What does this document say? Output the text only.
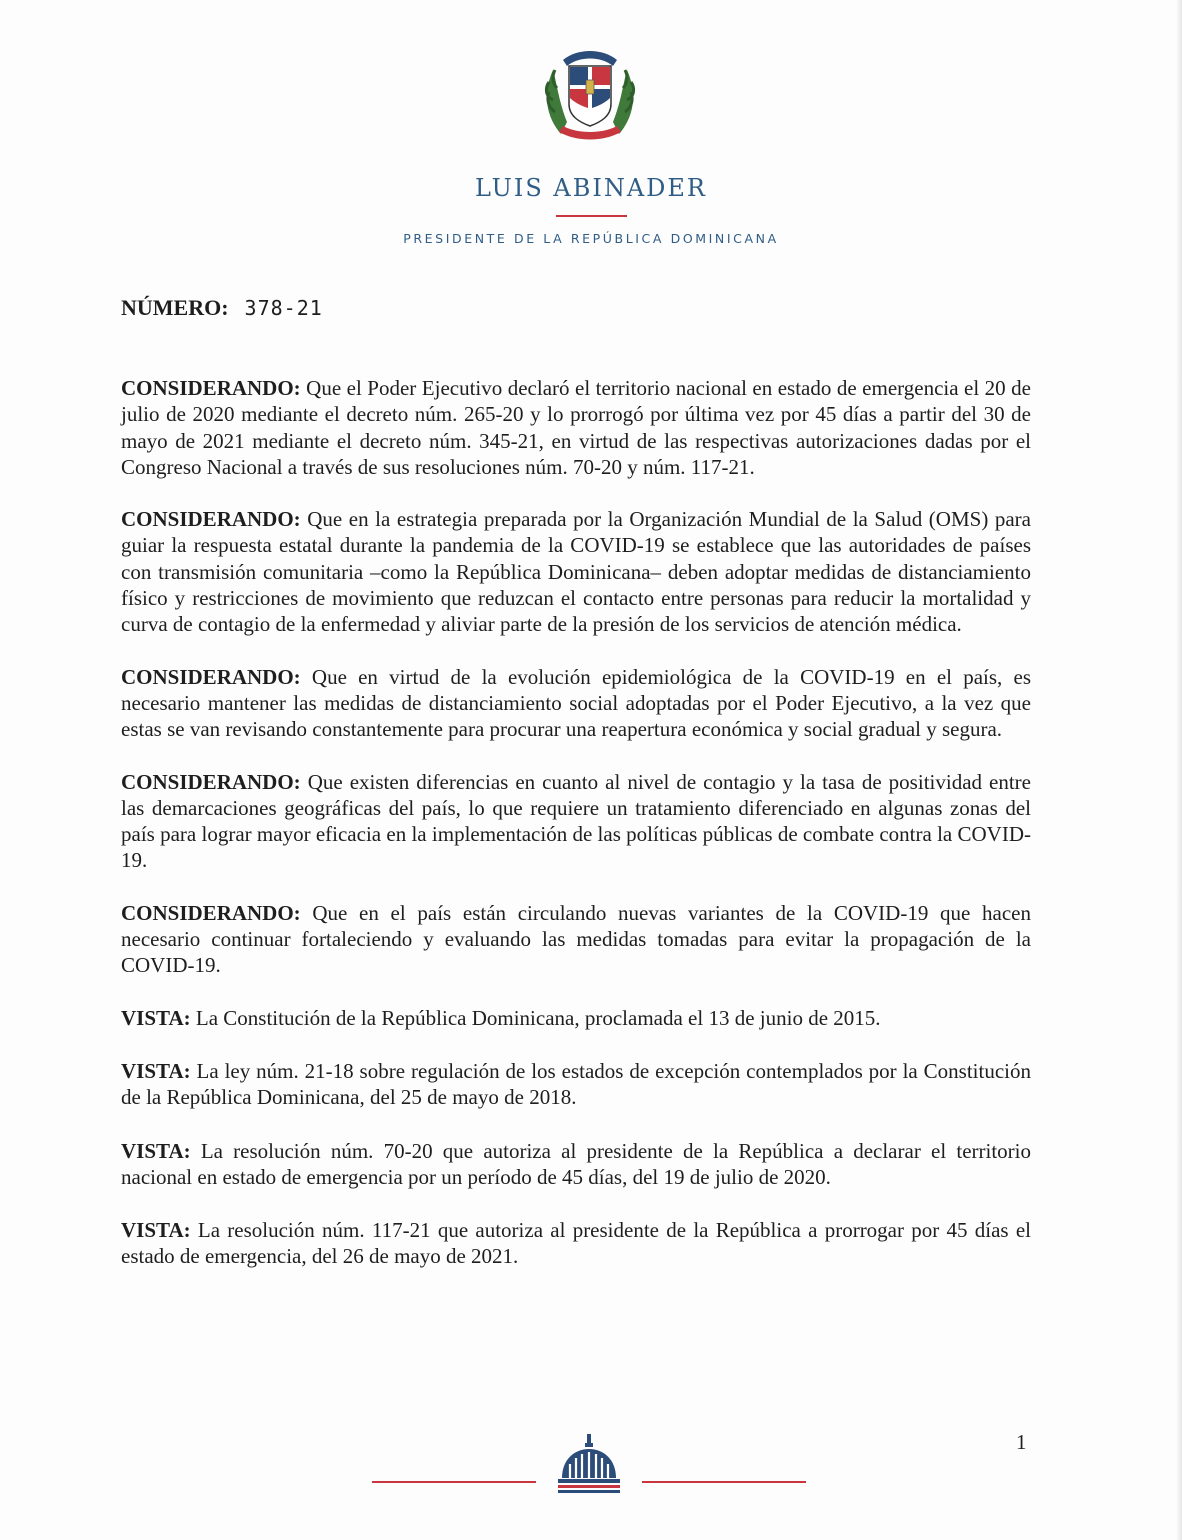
LUIS ABINADER
PRESIDENTE DE LA REPÚBLICA DOMINICANA
NÚMERO: 378-21

CONSIDERANDO: Que el Poder Ejecutivo declaró el territorio nacional en estado de emergencia el 20 de julio de 2020 mediante el decreto núm. 265-20 y lo prorrogó por última vez por 45 días a partir del 30 de mayo de 2021 mediante el decreto núm. 345-21, en virtud de las respectivas autorizaciones dadas por el Congreso Nacional a través de sus resoluciones núm. 70-20 y núm. 117-21.

CONSIDERANDO: Que en la estrategia preparada por la Organización Mundial de la Salud (OMS) para guiar la respuesta estatal durante la pandemia de la COVID-19 se establece que las autoridades de países con transmisión comunitaria –como la República Dominicana– deben adoptar medidas de distanciamiento físico y restricciones de movimiento que reduzcan el contacto entre personas para reducir la mortalidad y curva de contagio de la enfermedad y aliviar parte de la presión de los servicios de atención médica.

CONSIDERANDO: Que en virtud de la evolución epidemiológica de la COVID-19 en el país, es necesario mantener las medidas de distanciamiento social adoptadas por el Poder Ejecutivo, a la vez que estas se van revisando constantemente para procurar una reapertura económica y social gradual y segura.

CONSIDERANDO: Que existen diferencias en cuanto al nivel de contagio y la tasa de positividad entre las demarcaciones geográficas del país, lo que requiere un tratamiento diferenciado en algunas zonas del país para lograr mayor eficacia en la implementación de las políticas públicas de combate contra la COVID-19.

CONSIDERANDO: Que en el país están circulando nuevas variantes de la COVID-19 que hacen necesario continuar fortaleciendo y evaluando las medidas tomadas para evitar la propagación de la COVID-19.

VISTA: La Constitución de la República Dominicana, proclamada el 13 de junio de 2015.

VISTA: La ley núm. 21-18 sobre regulación de los estados de excepción contemplados por la Constitución de la República Dominicana, del 25 de mayo de 2018.

VISTA: La resolución núm. 70-20 que autoriza al presidente de la República a declarar el territorio nacional en estado de emergencia por un período de 45 días, del 19 de julio de 2020.

VISTA: La resolución núm. 117-21 que autoriza al presidente de la República a prorrogar por 45 días el estado de emergencia, del 26 de mayo de 2021.

1
